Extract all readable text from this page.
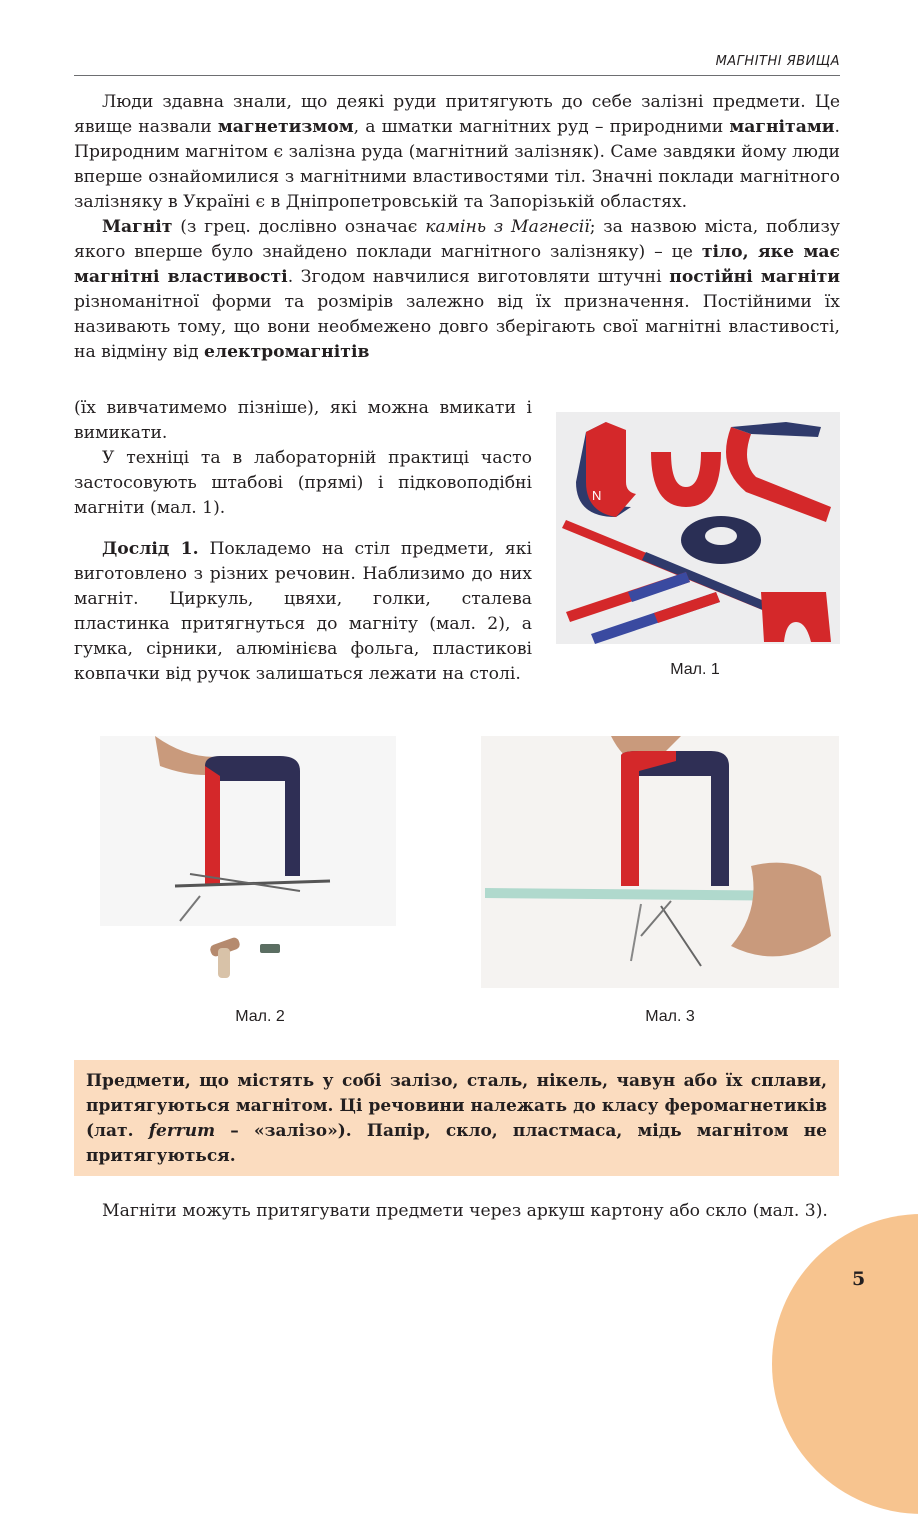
МАГНІТНІ ЯВИЩА

Люди здавна знали, що деякі руди притягують до себе залізні предмети. Це явище назвали магнетизмом, а шматки магнітних руд – природними магнітами. Природним магнітом є залізна руда (магнітний залізняк). Саме завдяки йому люди вперше ознайомилися з магнітними властивостями тіл. Значні поклади магнітного залізняку в Україні є в Дніпропетровській та Запорізькій областях.

Магніт (з грец. дослівно означає камінь з Магнесії; за назвою міста, поблизу якого вперше було знайдено поклади магнітного залізняку) – це тіло, яке має магнітні властивості. Згодом навчилися виготовляти штучні постійні магніти різноманітної форми та розмірів залежно від їх призначення. Постійними їх називають тому, що вони необмежено довго зберігають свої магнітні властивості, на відміну від електромагнітів

(їх вивчатимемо пізніше), які можна вмикати і вимикати.

У техніці та в лабораторній практиці часто застосовують штабові (прямі) і підковоподібні магніти (мал. 1).

Дослід 1. Покладемо на стіл предмети, які виготовлено з різних речовин. Наблизимо до них магніт. Циркуль, цвяхи, голки, сталева пластинка притягнуться до магніту (мал. 2), а гумка, сірники, алюмінієва фольга, пластикові ковпачки від ручок залишаться лежати на столі.

N
Мал. 1
Мал. 2	Мал. 3
Предмети, що містять у собі залізо, сталь, нікель, чавун або їх сплави, притягуються магнітом. Ці речовини належать до класу феромагнетиків (лат. ferrum – «залізо»). Папір, скло, пластмаса, мідь магнітом не притягуються.

Магніти можуть притягувати предмети через аркуш картону або скло (мал. 3).

5
